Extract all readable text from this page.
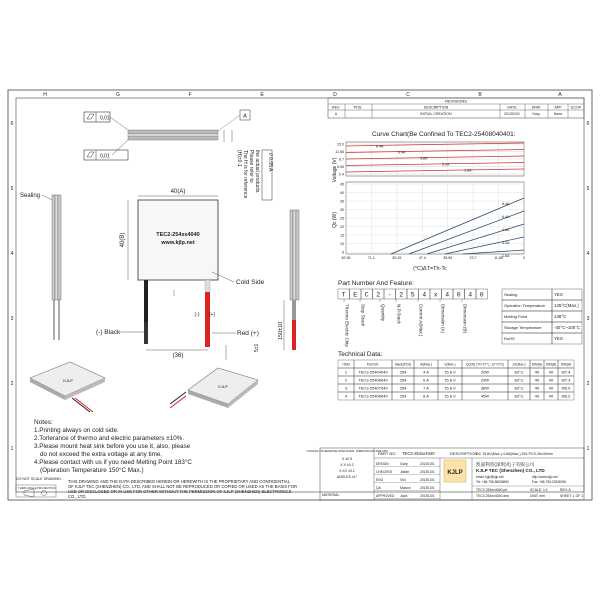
H	G	F	E	D	C	B	A
6
5
4
3
2
1
6
5
4
3
2
1
REVISIONS
REV.	POS.	DESCRIPTION	DATE	DRW	APP	ECO#
A	INITIAL CREATION	20130101	Gary	None
0,01	A
0,01	(H)±0.1 The H is for reference Please refer to the actual products. // 0.05 A
Sealing
40(A)
TEC2-254xx4040
www.kjlp.net
40(B)
Cold Side
(-) (+)
(-) Black	Red (+)
(36)
5±1
150±10
KJLP
KJLP
Curve Chart(Be Confined To TEC2-25408040401:
15.0
11.85
8.7
5.55
2.4
8.4A
6.4A
4.8A
3.2A
1.6A
45
40
35
30
25
20
15
10
5
8.4A
6.4A
4.8A
3.2A
1.6A
82.95	71.1	59.25	47.4	35.55	23.7	11.85	0
Voltage (V)
Qc (W)
(°C)ΔT=Th-Tc
Part Number And Feature:
T E C 2 - 2 5 4 x 4 0 4 0
Thermo Electric Chip Step Stack	Quantity N.P.Stack	Current A(Max.)	Dimension (A)	Dimension (B)
Sealing	YES
Operation Temperature 125°C(Max.)
Melting Point	138°C
Storage Temperature	-40°C~100°C
RoHS	YES
Technical Data:
ITEM	Part NO.	Stack(PCS)	AI(Max.)	V(Max.)	Qc(W) (Th=27°C, ΔT=0°C)	ΔT(Max.) DIM(A) DIM(B) DIM(H)
1	TEC2-25404040	254	4 A	15.8 V	20W	83°C	40 40 Ø7.4
2	TEC2-25406040	254	6 A	15.8 V	29W	83°C	40 40 Ø7.3
3	TEC2-25407040	254	7 A	15.8 V	38W	83°C	40 40 Ø6.9
4	TEC2-25408040	254	8 A	15.8 V	45W	83°C	40 40 Ø6.2
Notes:
1.Printing always on cold side.
2.Torlerance of thermo and electric parameters ±10%.
3.Please mount heat sink before you use it, also, please
do not exceed the extra voltage at any time.
4.Please contact with us if you need Melting Point 183°C
(Operation Temperature 150°C Max.)
DO NOT SCALE DRAWING
THIRD ANGLE PROJECTION
THIS DRAWING AND THE DATA DESCRIBED HEREIN OR HEREWITH IS THE PROPRIETARY AND CONFIDENTIAL
OF KJLP TEC (SHENZHEN) CO., LTD, AND SHALL NOT BE REPRODUCED OR COPIED OR USED AS THE BASIS FOR
USE OR DISCLOSED OR IN USE FOR OTHER WITHOUT THE PERMISSION OF KJLP (SHENZHEN) ELECTRONICS
CO., LTD.
UNLESS OTHERWISE SPECIFIED, DIMENSIONS ARE MM
X ±0.5
X.X ±0.2
X.XX ±0.1
ANGLES ±1°
MATERIAL:
PART NO. TEC2-254xx4040	DESCRIPTION
DC 15.8V(Max.),4-8A(Max.),254 PCS,40x40mm
DESIGN	Gary	20130101
CHECKED Jaslin	20130101
ENG	Vivi	20130101
QA	Mason	20130101
APPROVED Jack	20130101
KJLP
凯嘉利普(深圳)电子有限公司
KJLP TEC (Shenzhen) CO., LTD
email: kjlp@kjlp.net	http://www.kjlp.net
Tel: +86-755-86508550	Fax: +86-755-22636090
TEC2-254xx4040.prt
TEC2-254xx4040.drw
SCALE: 1:1	REV: A
UNIT: mm	SHEET: 1 OF 1
